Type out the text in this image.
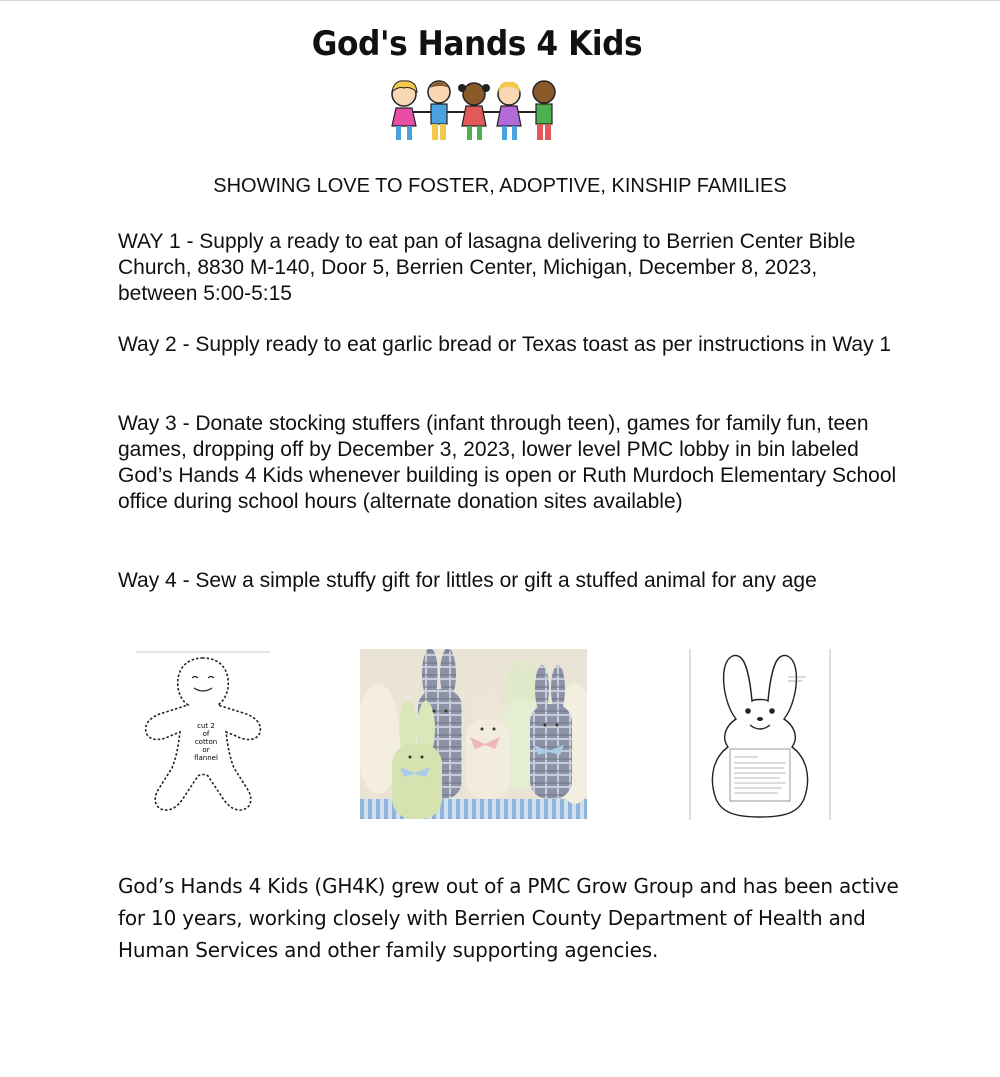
God's Hands 4 Kids
SHOWING LOVE TO FOSTER, ADOPTIVE, KINSHIP FAMILIES

WAY 1 - Supply a ready to eat pan of lasagna delivering to Berrien Center Bible Church, 8830 M-140, Door 5, Berrien Center, Michigan, December 8, 2023, between 5:00-5:15

Way 2 - Supply ready to eat garlic bread or Texas toast as per instructions in Way 1

Way 3 - Donate stocking stuffers (infant through teen), games for family fun, teen games, dropping off by December 3, 2023, lower level PMC lobby in bin labeled God’s Hands 4 Kids whenever building is open or Ruth Murdoch Elementary School office during school hours (alternate donation sites available)

Way 4 - Sew a simple stuffy gift for littles or gift a stuffed animal for any age

cut 2
of
cotton
or
flannel

God’s Hands 4 Kids (GH4K) grew out of a PMC Grow Group and has been active for 10 years, working closely with Berrien County Department of Health and Human Services and other family supporting agencies.
